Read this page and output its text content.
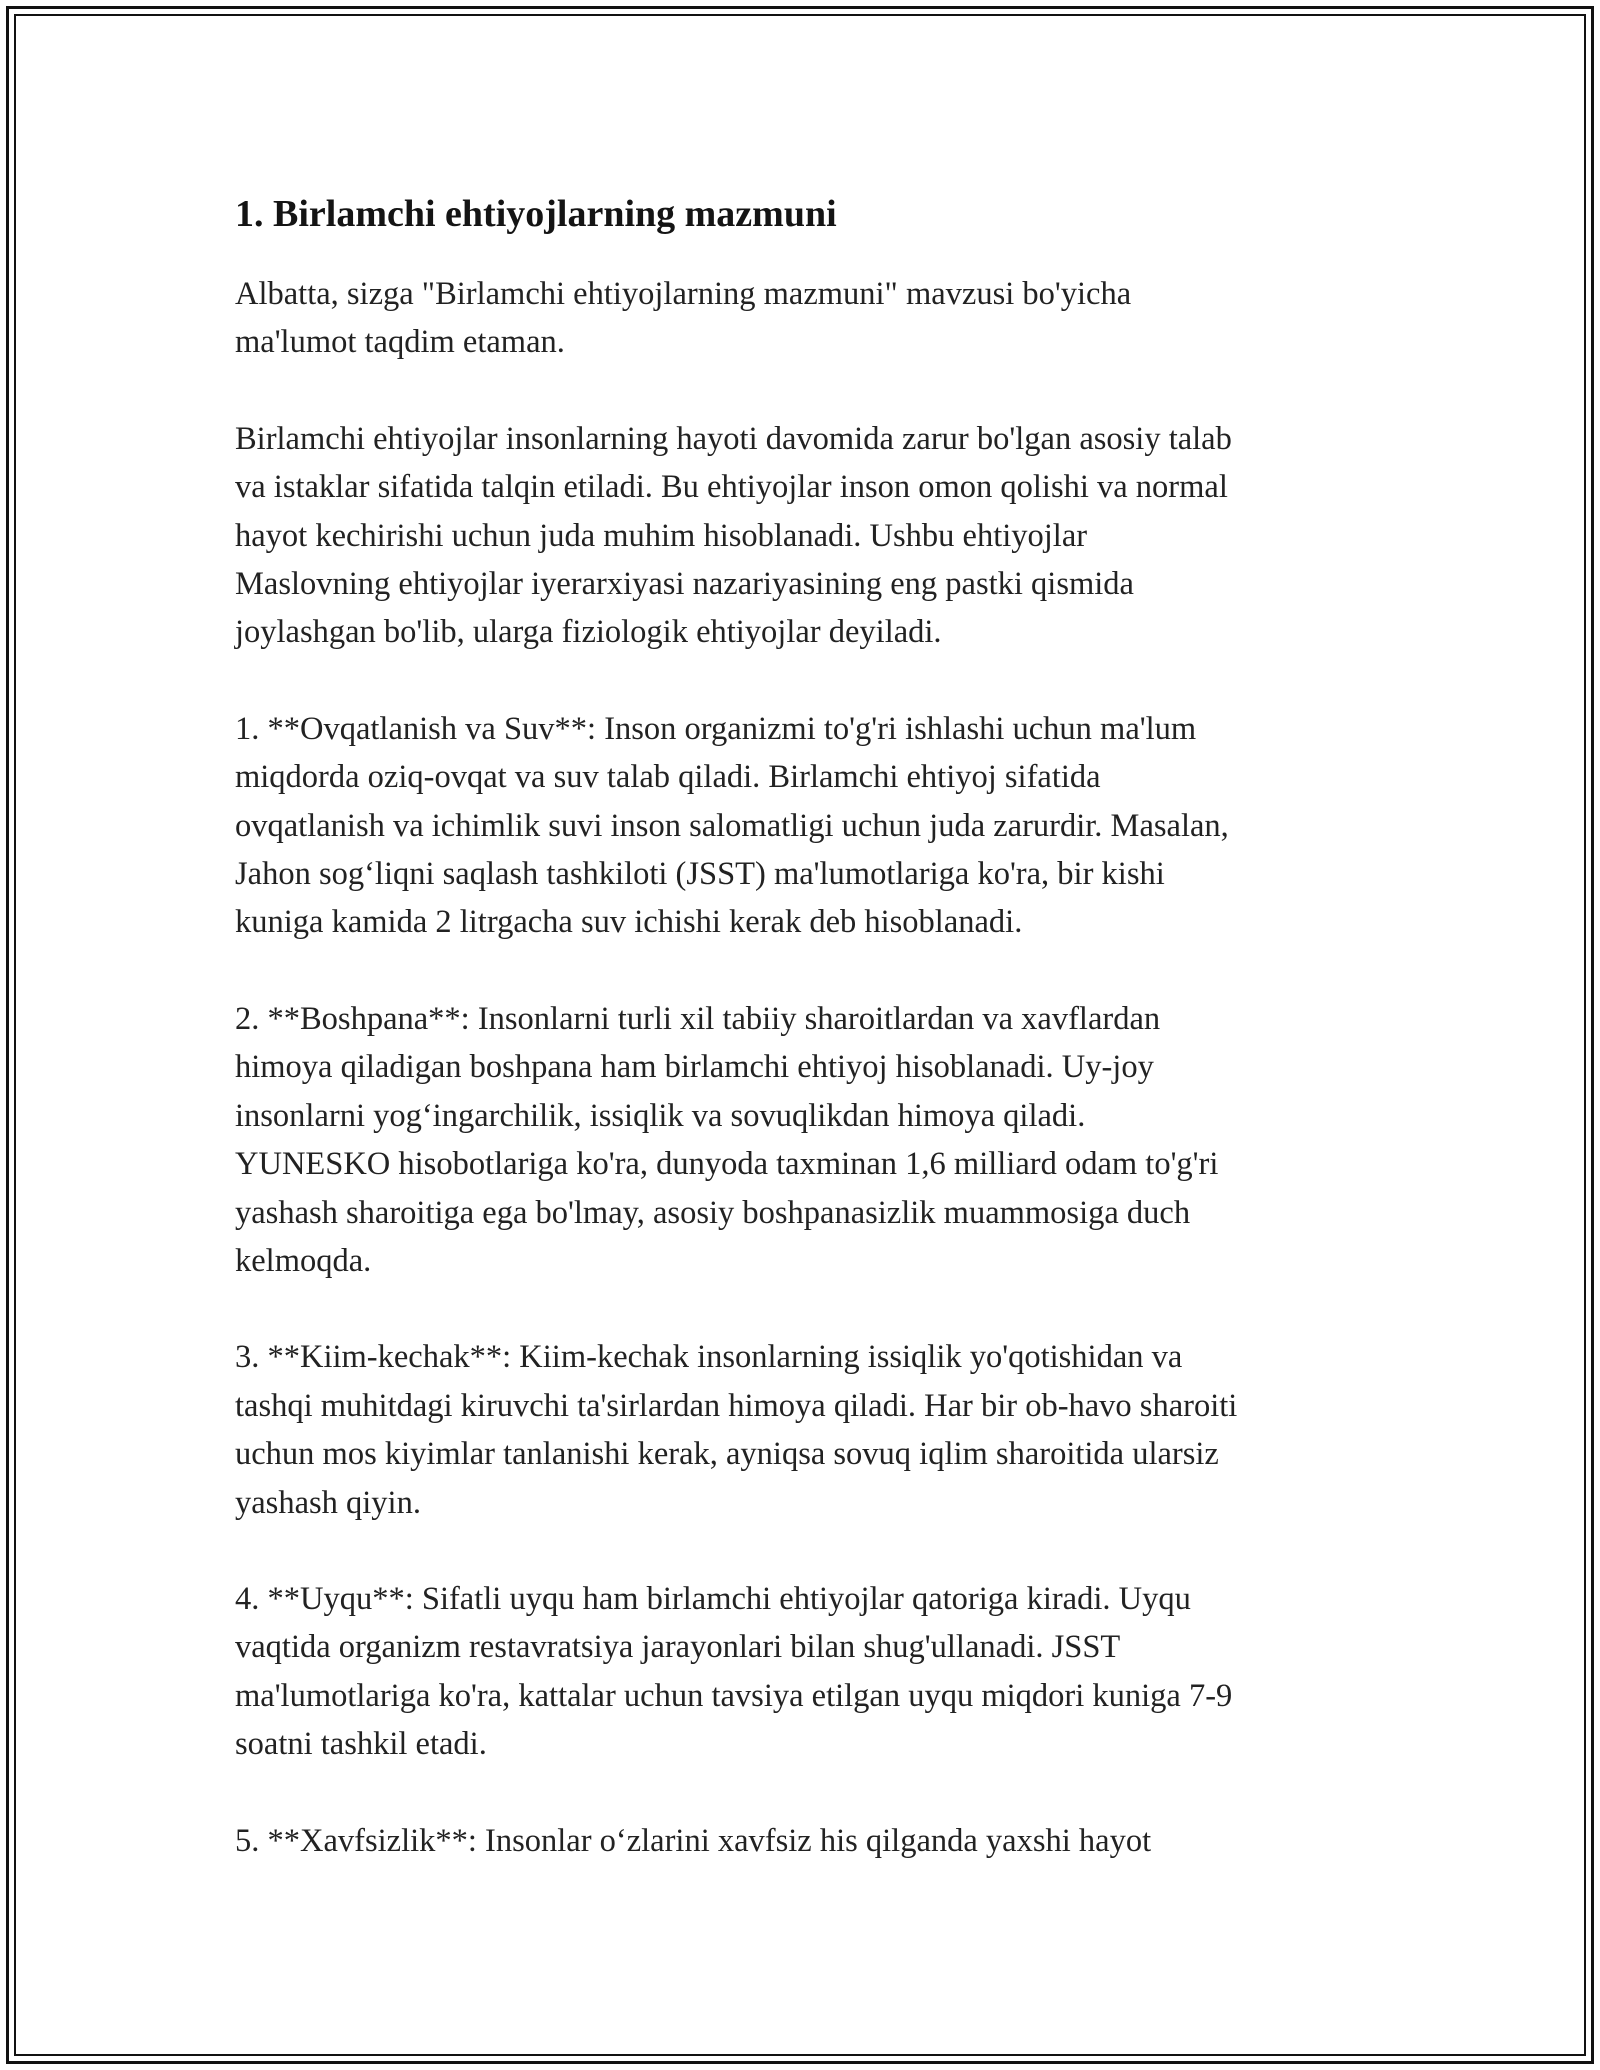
1. Birlamchi ehtiyojlarning mazmuni

Albatta, sizga "Birlamchi ehtiyojlarning mazmuni" mavzusi bo'yicha
ma'lumot taqdim etaman.

Birlamchi ehtiyojlar insonlarning hayoti davomida zarur bo'lgan asosiy talab
va istaklar sifatida talqin etiladi. Bu ehtiyojlar inson omon qolishi va normal
hayot kechirishi uchun juda muhim hisoblanadi. Ushbu ehtiyojlar
Maslovning ehtiyojlar iyerarxiyasi nazariyasining eng pastki qismida
joylashgan bo'lib, ularga fiziologik ehtiyojlar deyiladi.

1. **Ovqatlanish va Suv**: Inson organizmi to'g'ri ishlashi uchun ma'lum
miqdorda oziq-ovqat va suv talab qiladi. Birlamchi ehtiyoj sifatida
ovqatlanish va ichimlik suvi inson salomatligi uchun juda zarurdir. Masalan,
Jahon sog‘liqni saqlash tashkiloti (JSST) ma'lumotlariga ko'ra, bir kishi
kuniga kamida 2 litrgacha suv ichishi kerak deb hisoblanadi.

2. **Boshpana**: Insonlarni turli xil tabiiy sharoitlardan va xavflardan
himoya qiladigan boshpana ham birlamchi ehtiyoj hisoblanadi. Uy-joy
insonlarni yog‘ingarchilik, issiqlik va sovuqlikdan himoya qiladi.
YUNESKO hisobotlariga ko'ra, dunyoda taxminan 1,6 milliard odam to'g'ri
yashash sharoitiga ega bo'lmay, asosiy boshpanasizlik muammosiga duch
kelmoqda.

3. **Kiim-kechak**: Kiim-kechak insonlarning issiqlik yo'qotishidan va
tashqi muhitdagi kiruvchi ta'sirlardan himoya qiladi. Har bir ob-havo sharoiti
uchun mos kiyimlar tanlanishi kerak, ayniqsa sovuq iqlim sharoitida ularsiz
yashash qiyin.

4. **Uyqu**: Sifatli uyqu ham birlamchi ehtiyojlar qatoriga kiradi. Uyqu
vaqtida organizm restavratsiya jarayonlari bilan shug'ullanadi. JSST
ma'lumotlariga ko'ra, kattalar uchun tavsiya etilgan uyqu miqdori kuniga 7-9
soatni tashkil etadi.

5. **Xavfsizlik**: Insonlar o‘zlarini xavfsiz his qilganda yaxshi hayot
